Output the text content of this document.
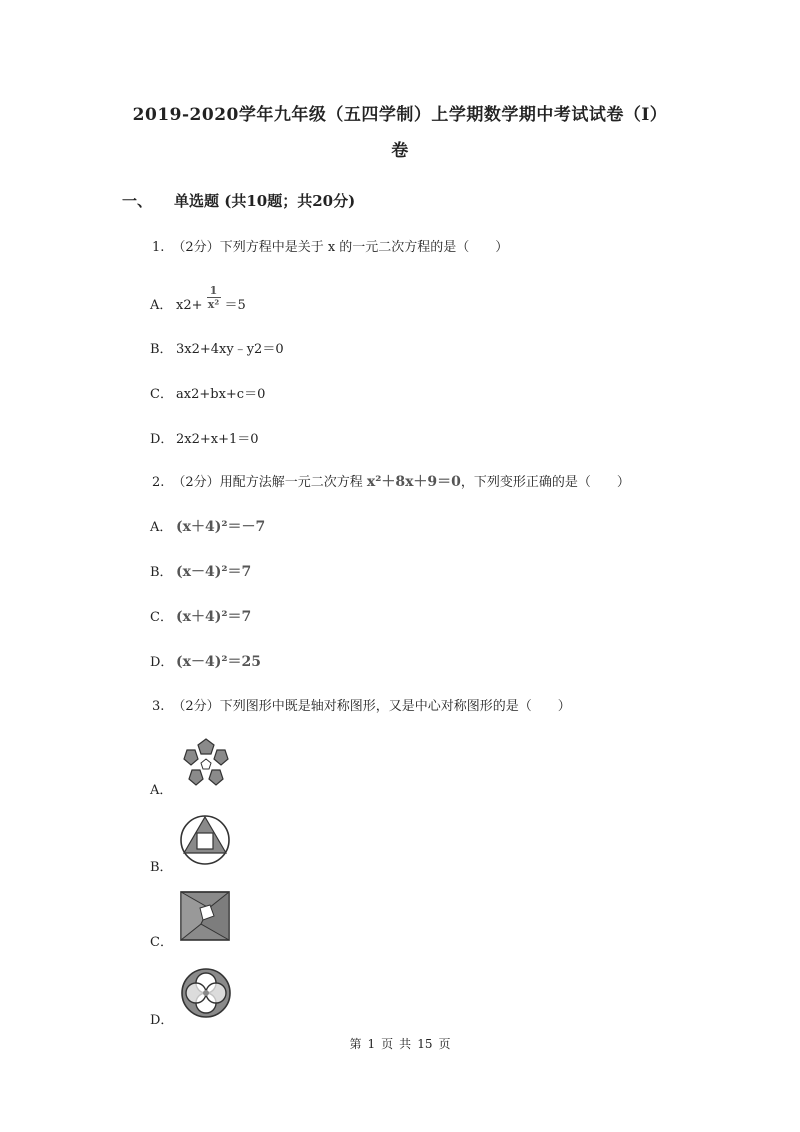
2019-2020学年九年级（五四学制）上学期数学期中考试试卷（I）
卷
一、 单选题 (共10题；共20分)
1. （2分）下列方程中是关于 x 的一元二次方程的是（　　）
A． $x2+ \frac{1}{\text{x²}} =5$
B． 3x2+4xy﹣y2＝0
C． ax2+bx+c＝0
D． 2x2+x+1＝0
2. （2分）用配方法解一元二次方程 x²＋8x＋9＝0，下列变形正确的是（　　）
A． (x＋4)²＝－7
B． (x－4)²＝7
C． (x＋4)²＝7
D． (x－4)²＝25
3. （2分）下列图形中既是轴对称图形，又是中心对称图形的是（　　）
A．
B．
C．
D．
第 1 页 共 15 页
